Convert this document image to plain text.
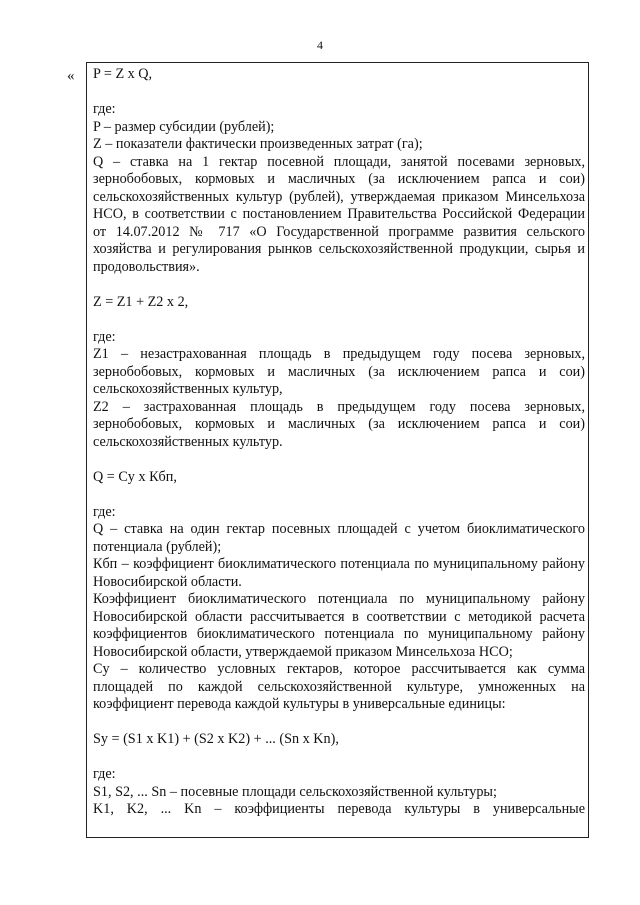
4
« P = Z x Q,

где:

P – размер субсидии (рублей);

Z – показатели фактически произведенных затрат (га);

Q – ставка на 1 гектар посевной площади, занятой посевами зерновых, зернобобовых, кормовых и масличных (за исключением рапса и сои) сельскохозяйственных культур (рублей), утверждаемая приказом Минсельхоза НСО, в соответствии с постановлением Правительства Российской Федерации от 14.07.2012 № 717 «О Государственной программе развития сельского хозяйства и регулирования рынков сельскохозяйственной продукции, сырья и продовольствия».

Z = Z1 + Z2 x 2,

где:

Z1 – незастрахованная площадь в предыдущем году посева зерновых, зернобобовых, кормовых и масличных (за исключением рапса и сои) сельскохозяйственных культур,

Z2 – застрахованная площадь в предыдущем году посева зерновых, зернобобовых, кормовых и масличных (за исключением рапса и сои) сельскохозяйственных культур.

Q = Cy x Кбп,

где:

Q – ставка на один гектар посевных площадей с учетом биоклиматического потенциала (рублей);

Кбп – коэффициент биоклиматического потенциала по муниципальному району Новосибирской области.

Коэффициент биоклиматического потенциала по муниципальному району Новосибирской области рассчитывается в соответствии с методикой расчета коэффициентов биоклиматического потенциала по муниципальному району Новосибирской области, утверждаемой приказом Минсельхоза НСО;

Cy – количество условных гектаров, которое рассчитывается как сумма площадей по каждой сельскохозяйственной культуре, умноженных на коэффициент перевода каждой культуры в универсальные единицы:

Sy = (S1 x K1) + (S2 x K2) + ... (Sn x Kn),

где:

S1, S2, ... Sn – посевные площади сельскохозяйственной культуры;

K1, K2, ... Kn – коэффициенты перевода культуры в универсальные
